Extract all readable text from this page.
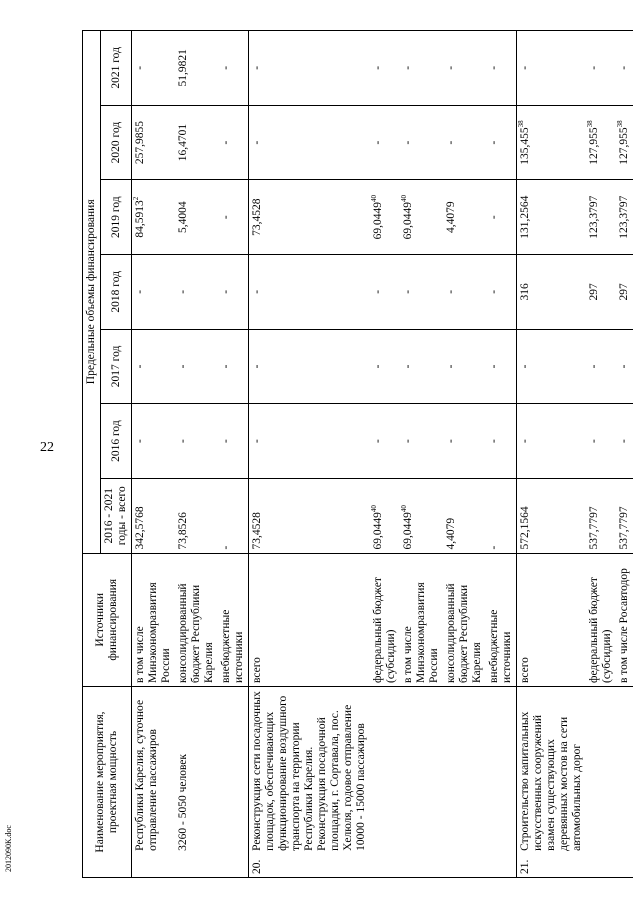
22
2012090К.doc	Наименование мероприятия, проектная мощность		Источники финансирования	Предельные объемы финансирования						
			2016 - 2021 годы - всего	2016 год	2017 год	2018 год	2019 год	2020 год	2021 год
	Республики Карелия, суточное отправление пассажиров	в том числе Минэкономразвития России	342,5768	-	-	-	84,5913$^2$	257,9855	-
	3260 - 5050 человек	консолидированный бюджет Республики Карелия	73,8526	-	-	-	5,4004	16,4701	51,9821
		внебюджетные источники	-	-	-	-	-	-	-
20.	Реконструкция сети посадочных площадок, обеспечивающих функционирование воздушного транспорта на территории Республики Карелия. Реконструкция посадочной площадки, г. Сортавала, пос. Хелюля, годовое отправление 10000 - 15000 пассажиров	всего	73,4528	-	-	-	73,4528	-	-
		федеральный бюджет (субсидии)	69,0449$^{40}$	-	-	-	69,0449$^{40}$	-	-
		в том числе Минэкономразвития России	69,0449$^{40}$	-	-	-	69,0449$^{40}$	-	-
		консолидированный бюджет Республики Карелия	4,4079	-	-	-	4,4079	-	-
		внебюджетные источники	-	-	-	-	-	-	-
21.	Строительство капитальных искусственных сооружений взамен существующих деревянных мостов на сети автомобильных дорог	всего	572,1564	-	-	316	131,2564	135,455$^{38}$	-
		федеральный бюджет (субсидии)	537,7797	-	-	297	123,3797	127,955$^{38}$	-
		в том числе Росавтодор	537,7797	-	-	297	123,3797	127,955$^{38}$	-
